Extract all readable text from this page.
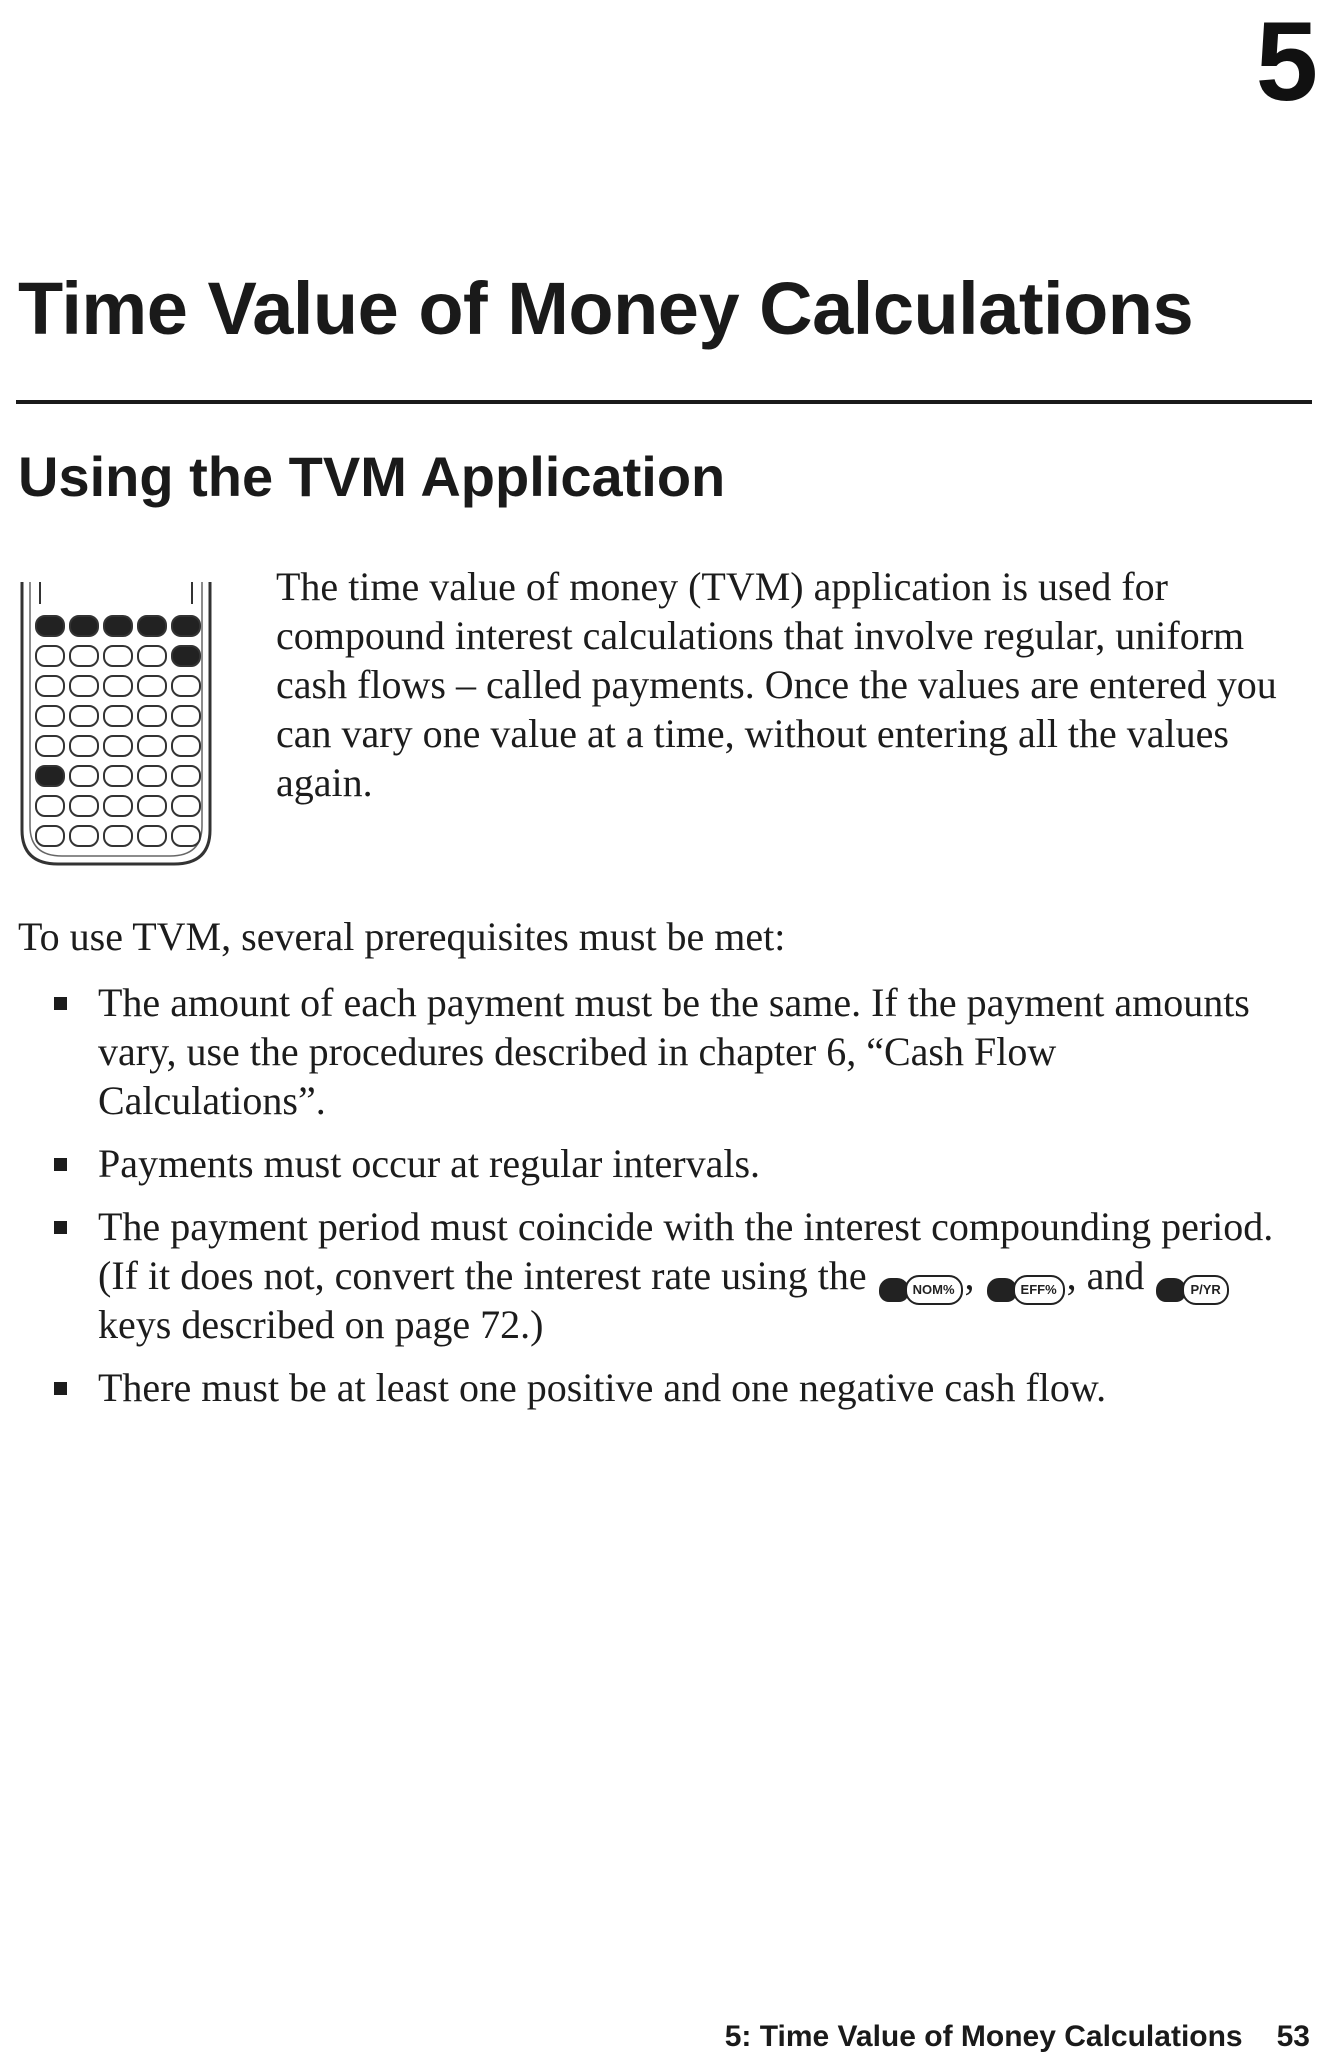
5
Time Value of Money Calculations
Using the TVM Application

The time value of money (TVM) application is used for compound interest calculations that involve regular, uniform cash flows – called payments. Once the values are entered you can vary one value at a time, without entering all the values again.

To use TVM, several prerequisites must be met:

The amount of each payment must be the same. If the payment amounts vary, use the procedures described in chapter 6, “Cash Flow Calculations”.
Payments must occur at regular intervals.
The payment period must coincide with the interest compounding period. (If it does not, convert the interest rate using the	NOM% ,	EFF% , and	P/YR keys described on page 72.)
There must be at least one positive and one negative cash flow.
5: Time Value of Money Calculations 53
